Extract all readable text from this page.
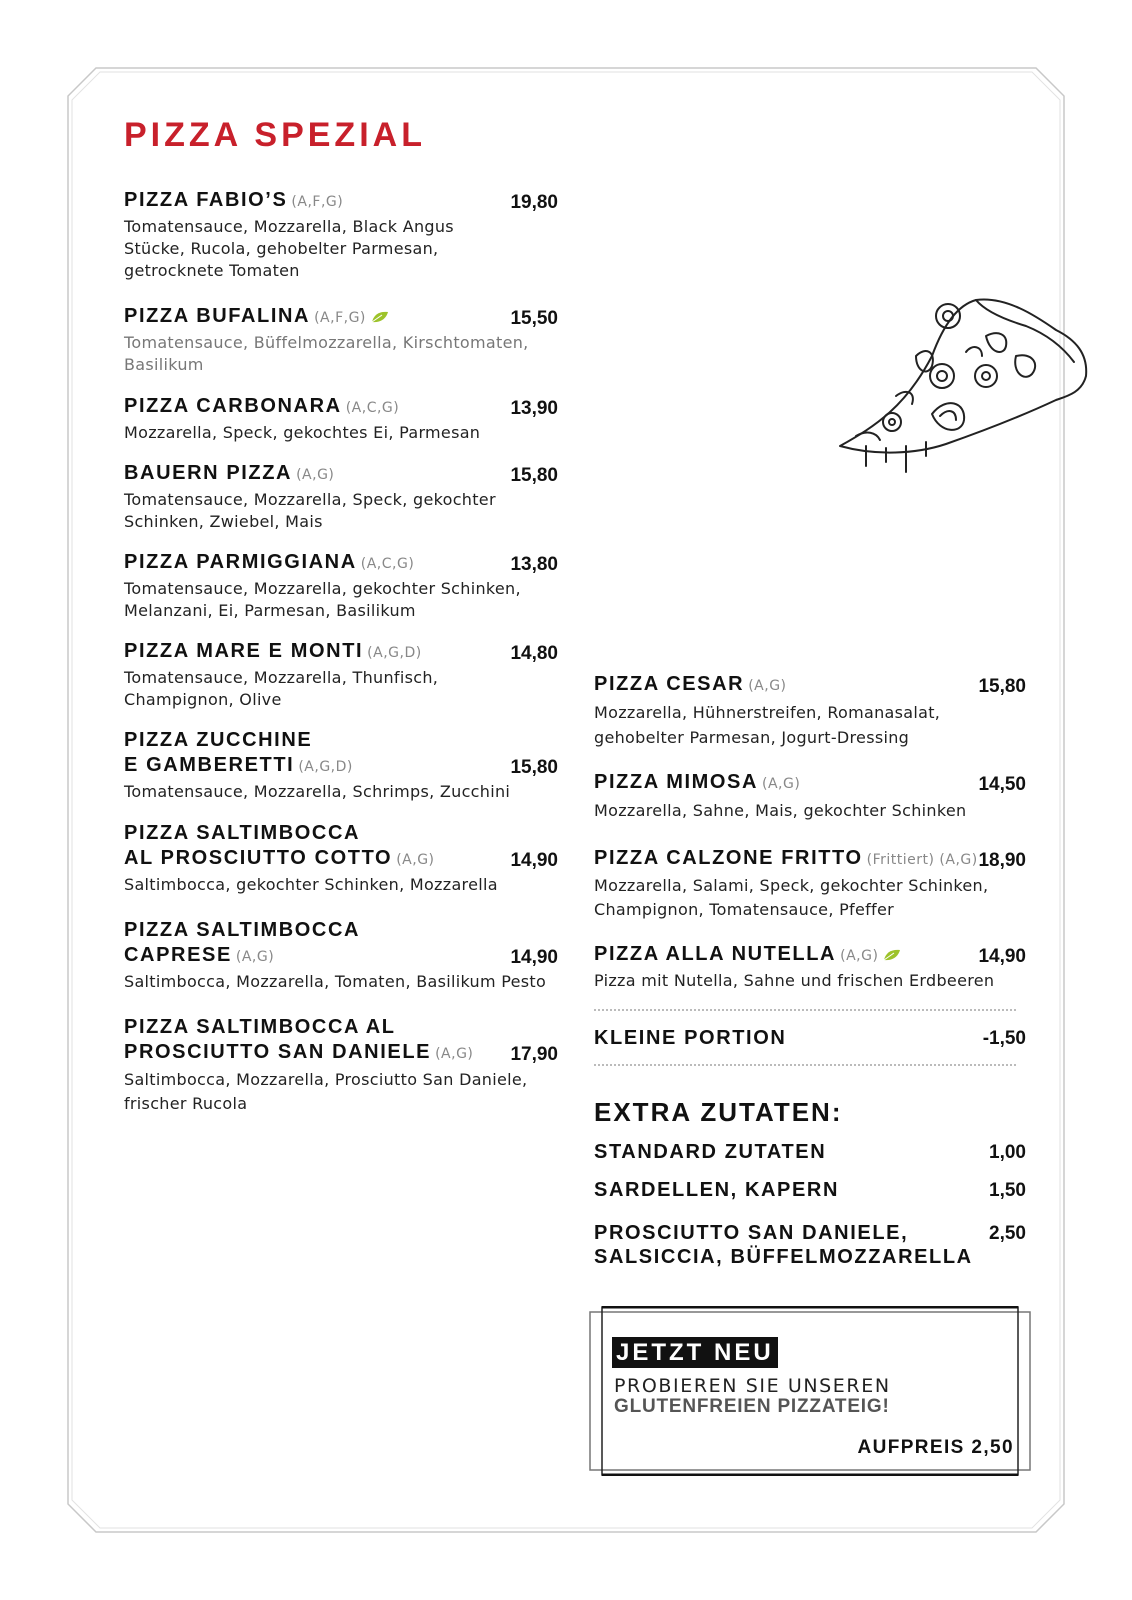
PIZZA SPEZIAL
PIZZA FABIO’S (A,F,G)	19,80
Tomatensauce, Mozzarella, Black Angus
Stücke, Rucola, gehobelter Parmesan,
getrocknete Tomaten
PIZZA BUFALINA (A,F,G)	15,50
Tomatensauce, Büffelmozzarella, Kirschtomaten,
Basilikum
PIZZA CARBONARA (A,C,G)	13,90
Mozzarella, Speck, gekochtes Ei, Parmesan
BAUERN PIZZA (A,G)	15,80
Tomatensauce, Mozzarella, Speck, gekochter
Schinken, Zwiebel, Mais
PIZZA PARMIGGIANA (A,C,G)	13,80
Tomatensauce, Mozzarella, gekochter Schinken,
Melanzani, Ei, Parmesan, Basilikum
PIZZA MARE E MONTI (A,G,D)	14,80
Tomatensauce, Mozzarella, Thunfisch,
Champignon, Olive
PIZZA ZUCCHINE
E GAMBERETTI (A,G,D)	15,80
Tomatensauce, Mozzarella, Schrimps, Zucchini
PIZZA SALTIMBOCCA
AL PROSCIUTTO COTTO (A,G)	14,90
Saltimbocca, gekochter Schinken, Mozzarella
PIZZA SALTIMBOCCA
CAPRESE (A,G)	14,90
Saltimbocca, Mozzarella, Tomaten, Basilikum Pesto
PIZZA SALTIMBOCCA AL
PROSCIUTTO SAN DANIELE (A,G) 17,90
Saltimbocca, Mozzarella, Prosciutto San Daniele,
frischer Rucola
PIZZA CESAR (A,G)	15,80
Mozzarella, Hühnerstreifen, Romanasalat,
gehobelter Parmesan, Jogurt-Dressing
PIZZA MIMOSA (A,G)	14,50
Mozzarella, Sahne, Mais, gekochter Schinken
PIZZA CALZONE FRITTO (Frittiert) (A,G) 18,90
Mozzarella, Salami, Speck, gekochter Schinken,
Champignon, Tomatensauce, Pfeffer
PIZZA ALLA NUTELLA (A,G)	14,90
Pizza mit Nutella, Sahne und frischen Erdbeeren
KLEINE PORTION	-1,50
EXTRA ZUTATEN:
STANDARD ZUTATEN	1,00
SARDELLEN, KAPERN	1,50
PROSCIUTTO SAN DANIELE,
SALSICCIA, BÜFFELMOZZARELLA
2,50
JETZT NEU
PROBIEREN SIE UNSEREN
GLUTENFREIEN PIZZATEIG!
AUFPREIS 2,50
